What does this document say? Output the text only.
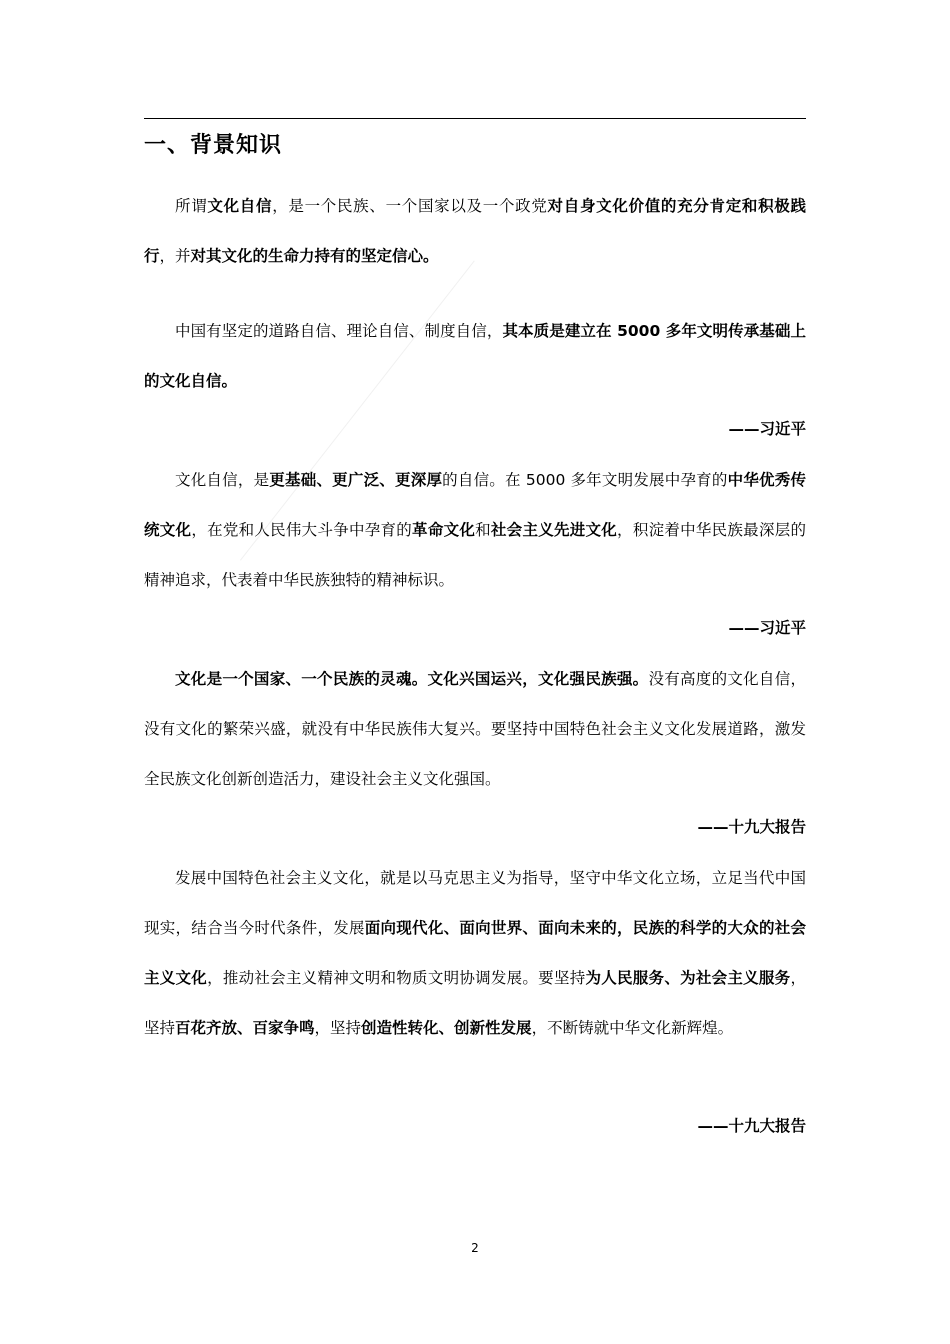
一、背景知识
所谓文化自信，是一个民族、一个国家以及一个政党对自身文化价值的充分肯定和积极践行，并对其文化的生命力持有的坚定信心。
中国有坚定的道路自信、理论自信、制度自信，其本质是建立在 5000 多年文明传承基础上的文化自信。
——习近平
文化自信，是更基础、更广泛、更深厚的自信。在 5000 多年文明发展中孕育的中华优秀传统文化，在党和人民伟大斗争中孕育的革命文化和社会主义先进文化，积淀着中华民族最深层的精神追求，代表着中华民族独特的精神标识。
——习近平
文化是一个国家、一个民族的灵魂。文化兴国运兴，文化强民族强。没有高度的文化自信，没有文化的繁荣兴盛，就没有中华民族伟大复兴。要坚持中国特色社会主义文化发展道路，激发全民族文化创新创造活力，建设社会主义文化强国。
——十九大报告
发展中国特色社会主义文化，就是以马克思主义为指导，坚守中华文化立场，立足当代中国现实，结合当今时代条件，发展面向现代化、面向世界、面向未来的，民族的科学的大众的社会主义文化，推动社会主义精神文明和物质文明协调发展。要坚持为人民服务、为社会主义服务，坚持百花齐放、百家争鸣，坚持创造性转化、创新性发展，不断铸就中华文化新辉煌。
——十九大报告
2
